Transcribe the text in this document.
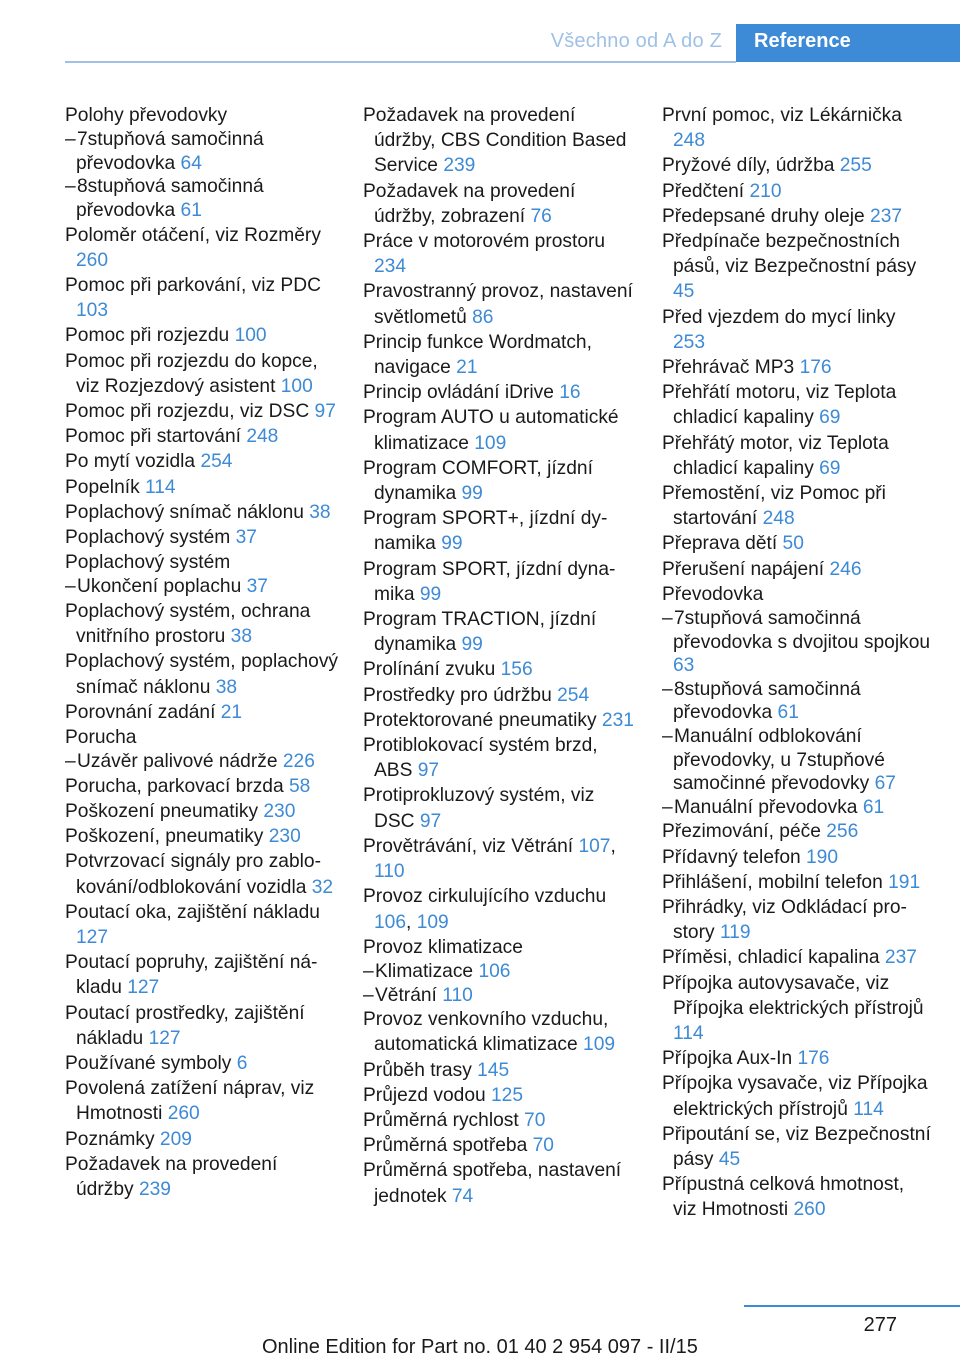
Všechno od A do Z	Reference
Polohy převodovky
–7stupňová samočinná převodovka 64
–8stupňová samočinná převodovka 61
Poloměr otáčení, viz Rozměry 260
Pomoc při parkování, viz PDC 103
Pomoc při rozjezdu 100
Pomoc při rozjezdu do kopce, viz Rozjezdový asistent 100
Pomoc při rozjezdu, viz DSC 97
Pomoc při startování 248
Po mytí vozidla 254
Popelník 114
Poplachový snímač náklonu 38
Poplachový systém 37
Poplachový systém
–Ukončení poplachu 37
Poplachový systém, ochrana vnitřního prostoru 38
Poplachový systém, poplachový snímač náklonu 38
Porovnání zadání 21
Porucha
–Uzávěr palivové nádrže 226
Porucha, parkovací brzda 58
Poškození pneumatiky 230
Poškození, pneumatiky 230
Potvrzovací signály pro zablokování/odblokování vozidla 32
Poutací oka, zajištění nákladu 127
Poutací popruhy, zajištění nákladu 127
Poutací prostředky, zajištění nákladu 127
Používané symboly 6
Povolená zatížení náprav, viz Hmotnosti 260
Poznámky 209
Požadavek na provedení údržby 239
Požadavek na provedení údržby, CBS Condition Based Service 239
Požadavek na provedení údržby, zobrazení 76
Práce v motorovém prostoru 234
Pravostranný provoz, nastavení světlometů 86
Princip funkce Wordmatch, navigace 21
Princip ovládání iDrive 16
Program AUTO u automatické klimatizace 109
Program COMFORT, jízdní dynamika 99
Program SPORT+, jízdní dynamika 99
Program SPORT, jízdní dynamika 99
Program TRACTION, jízdní dynamika 99
Prolínání zvuku 156
Prostředky pro údržbu 254
Protektorované pneumatiky 231
Protiblokovací systém brzd, ABS 97
Protiprokluzový systém, viz DSC 97
Provětrávání, viz Větrání 107, 110
Provoz cirkulujícího vzduchu 106, 109
Provoz klimatizace
–Klimatizace 106
–Větrání 110
Provoz venkovního vzduchu, automatická klimatizace 109
Průběh trasy 145
Průjezd vodou 125
Průměrná rychlost 70
Průměrná spotřeba 70
Průměrná spotřeba, nastavení jednotek 74
První pomoc, viz Lékárnička 248
Pryžové díly, údržba 255
Předčtení 210
Předepsané druhy oleje 237
Předpínače bezpečnostních pásů, viz Bezpečnostní pásy 45
Před vjezdem do mycí linky 253
Přehrávač MP3 176
Přehřátí motoru, viz Teplota chladicí kapaliny 69
Přehřátý motor, viz Teplota chladicí kapaliny 69
Přemostění, viz Pomoc při startování 248
Přeprava dětí 50
Přerušení napájení 246
Převodovka
–7stupňová samočinná převodovka s dvojitou spojkou 63
–8stupňová samočinná převodovka 61
–Manuální odblokování převodovky, u 7stupňové samočinné převodovky 67
–Manuální převodovka 61
Přezimování, péče 256
Přídavný telefon 190
Přihlášení, mobilní telefon 191
Přihrádky, viz Odkládací prostory 119
Příměsi, chladicí kapalina 237
Přípojka autovysavače, viz Přípojka elektrických přístrojů 114
Přípojka Aux-In 176
Přípojka vysavače, viz Přípojka elektrických přístrojů 114
Připoutání se, viz Bezpečnostní pásy 45
Přípustná celková hmotnost, viz Hmotnosti 260
277
Online Edition for Part no. 01 40 2 954 097 - II/15
